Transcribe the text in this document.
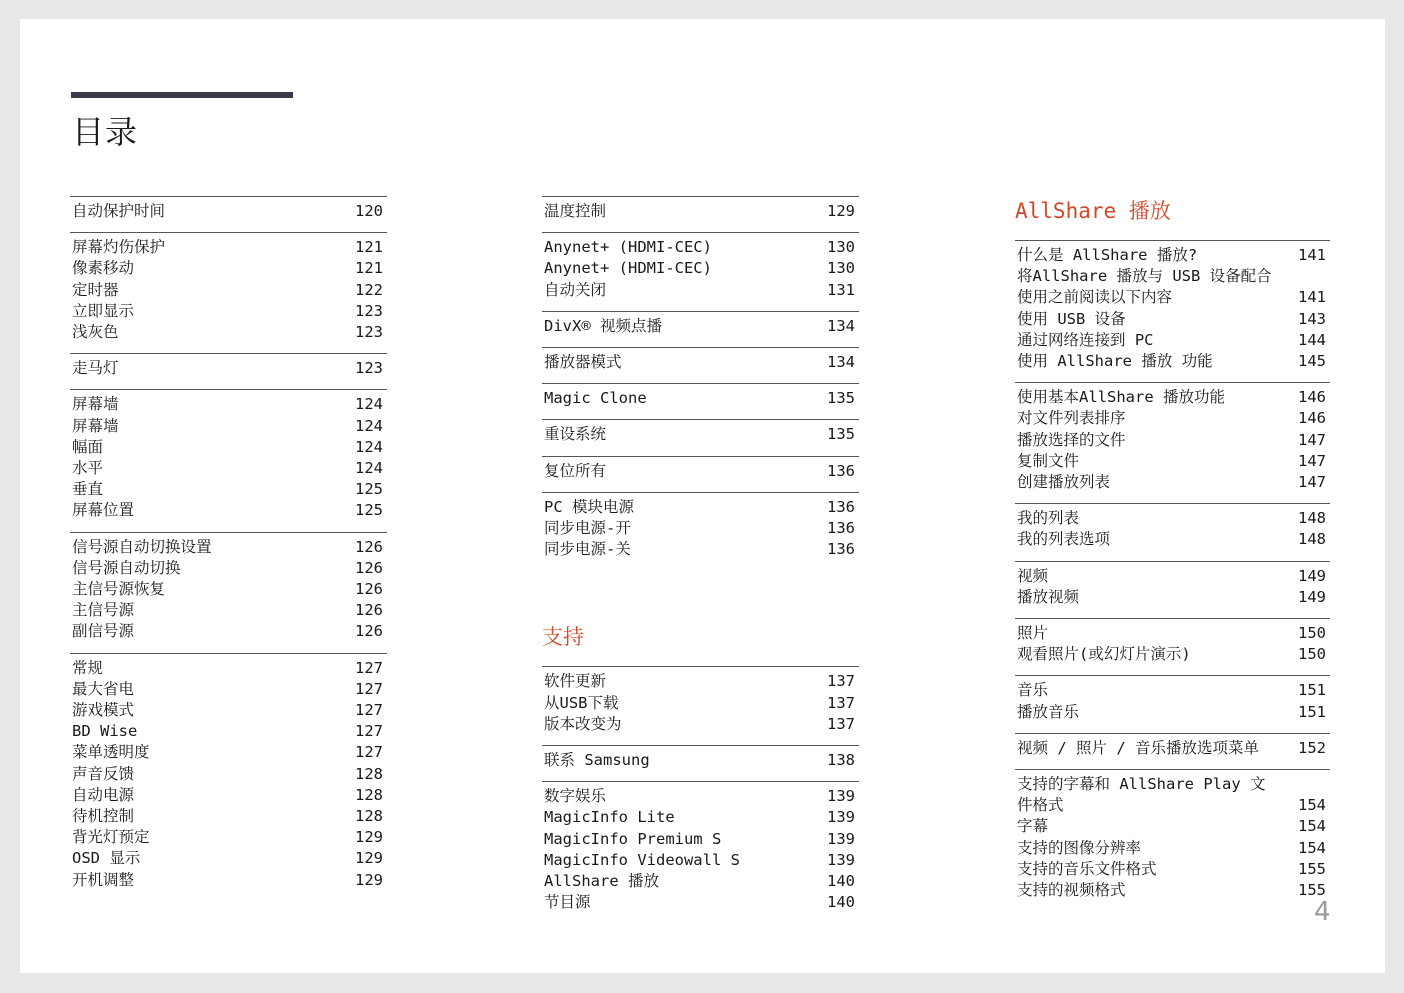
目录
自动保护时间	120
屏幕灼伤保护	121
像素移动	121
定时器	122
立即显示	123
浅灰色	123
走马灯	123
屏幕墙	124
屏幕墙	124
幅面	124
水平	124
垂直	125
屏幕位置	125
信号源自动切换设置	126
信号源自动切换	126
主信号源恢复	126
主信号源	126
副信号源	126
常规	127
最大省电	127
游戏模式	127
BD Wise	127
菜单透明度	127
声音反馈	128
自动电源	128
待机控制	128
背光灯预定	129
OSD 显示	129
开机调整	129
温度控制	129
Anynet+ (HDMI-CEC)	130
Anynet+ (HDMI-CEC)	130
自动关闭	131
DivX® 视频点播	134
播放器模式	134
Magic Clone	135
重设系统	135
复位所有	136
PC 模块电源	136
同步电源-开	136
同步电源-关	136
支持
软件更新	137
从USB下载	137
版本改变为	137
联系 Samsung	138
数字娱乐	139
MagicInfo Lite	139
MagicInfo Premium S	139
MagicInfo Videowall S	139
AllShare 播放	140
节目源	140
AllShare 播放
什么是 AllShare 播放?	141
将AllShare 播放与 USB 设备配合使用之前阅读以下内容	141
使用 USB 设备	143
通过网络连接到 PC	144
使用 AllShare 播放 功能	145
使用基本AllShare 播放功能	146
对文件列表排序	146
播放选择的文件	147
复制文件	147
创建播放列表	147
我的列表	148
我的列表选项	148
视频	149
播放视频	149
照片	150
观看照片(或幻灯片演示)	150
音乐	151
播放音乐	151
视频 / 照片 / 音乐播放选项菜单	152
支持的字幕和 AllShare Play 文件格式	154
字幕	154
支持的图像分辨率	154
支持的音乐文件格式	155
支持的视频格式	155
4
